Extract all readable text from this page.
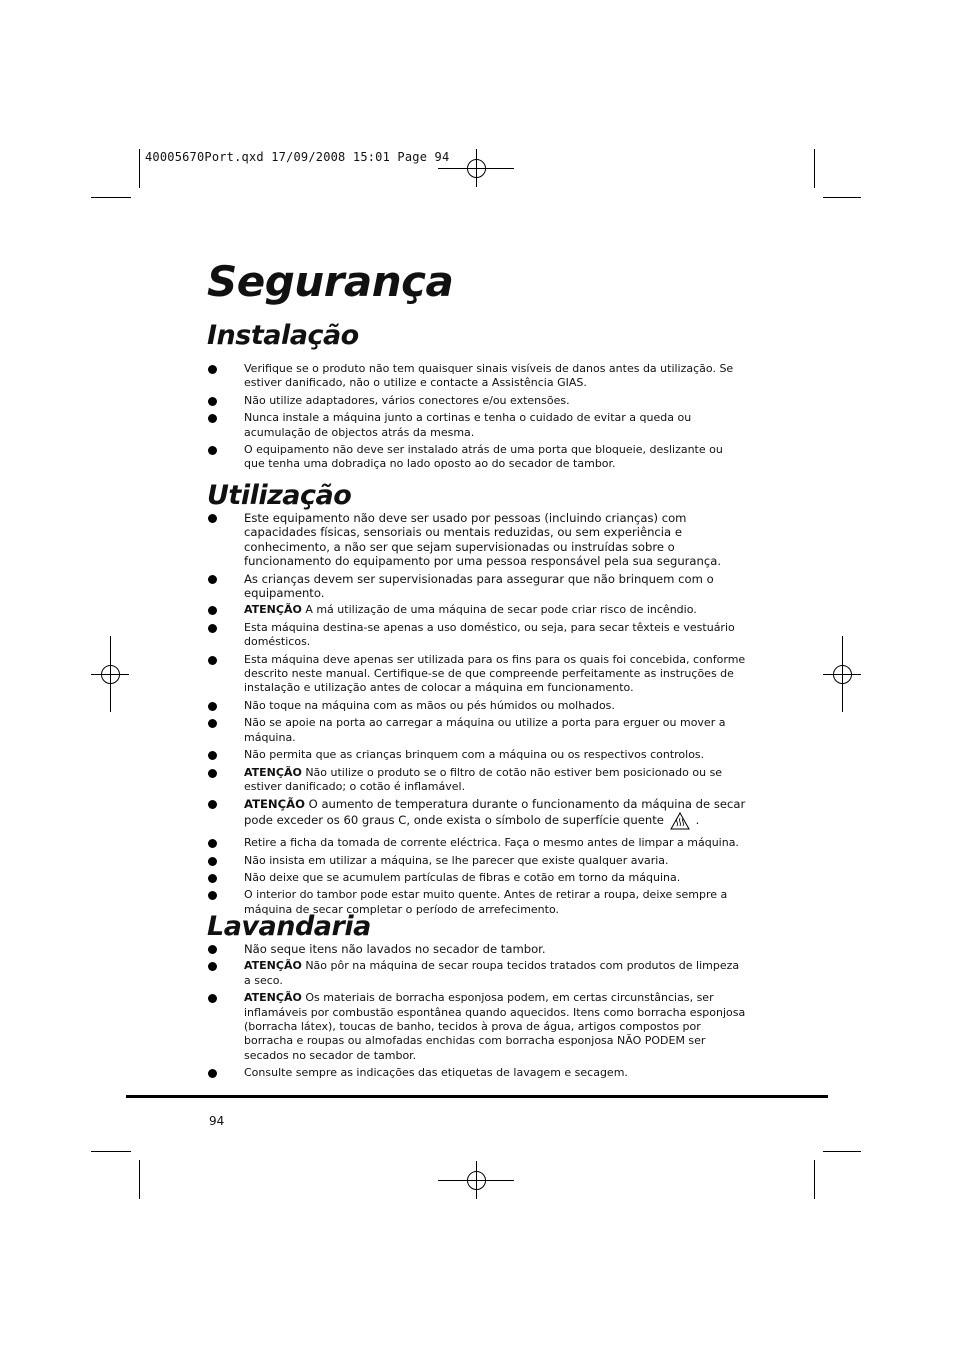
40005670Port.qxd 17/09/2008 15:01 Page 94
Segurança
Instalação
Verifique se o produto não tem quaisquer sinais visíveis de danos antes da utilização. Se estiver danificado, não o utilize e contacte a Assistência GIAS.
Não utilize adaptadores, vários conectores e/ou extensões.
Nunca instale a máquina junto a cortinas e tenha o cuidado de evitar a queda ou acumulação de objectos atrás da mesma.
O equipamento não deve ser instalado atrás de uma porta que bloqueie, deslizante ou que tenha uma dobradiça no lado oposto ao do secador de tambor.
Utilização
Este equipamento não deve ser usado por pessoas (incluindo crianças) com capacidades físicas, sensoriais ou mentais reduzidas, ou sem experiência e conhecimento, a não ser que sejam supervisionadas ou instruídas sobre o funcionamento do equipamento por uma pessoa responsável pela sua segurança.
As crianças devem ser supervisionadas para assegurar que não brinquem com o equipamento.
ATENÇÃO A má utilização de uma máquina de secar pode criar risco de incêndio.
Esta máquina destina-se apenas a uso doméstico, ou seja, para secar têxteis e vestuário domésticos.
Esta máquina deve apenas ser utilizada para os fins para os quais foi concebida, conforme descrito neste manual. Certifique-se de que compreende perfeitamente as instruções de instalação e utilização antes de colocar a máquina em funcionamento.
Não toque na máquina com as mãos ou pés húmidos ou molhados.
Não se apoie na porta ao carregar a máquina ou utilize a porta para erguer ou mover a máquina.
Não permita que as crianças brinquem com a máquina ou os respectivos controlos.
ATENÇÃO Não utilize o produto se o filtro de cotão não estiver bem posicionado ou se estiver danificado; o cotão é inflamável.
ATENÇÃO O aumento de temperatura durante o funcionamento da máquina de secar pode exceder os 60 graus C, onde exista o símbolo de superfície quente .
Retire a ficha da tomada de corrente eléctrica. Faça o mesmo antes de limpar a máquina.
Não insista em utilizar a máquina, se lhe parecer que existe qualquer avaria.
Não deixe que se acumulem partículas de fibras e cotão em torno da máquina.
O interior do tambor pode estar muito quente. Antes de retirar a roupa, deixe sempre a máquina de secar completar o período de arrefecimento.
Lavandaria
Não seque itens não lavados no secador de tambor.
ATENÇÃO Não pôr na máquina de secar roupa tecidos tratados com produtos de limpeza a seco.
ATENÇÃO Os materiais de borracha esponjosa podem, em certas circunstâncias, ser inflamáveis por combustão espontânea quando aquecidos. Itens como borracha esponjosa (borracha látex), toucas de banho, tecidos à prova de água, artigos compostos por borracha e roupas ou almofadas enchidas com borracha esponjosa NÃO PODEM ser secados no secador de tambor.
Consulte sempre as indicações das etiquetas de lavagem e secagem.
94
